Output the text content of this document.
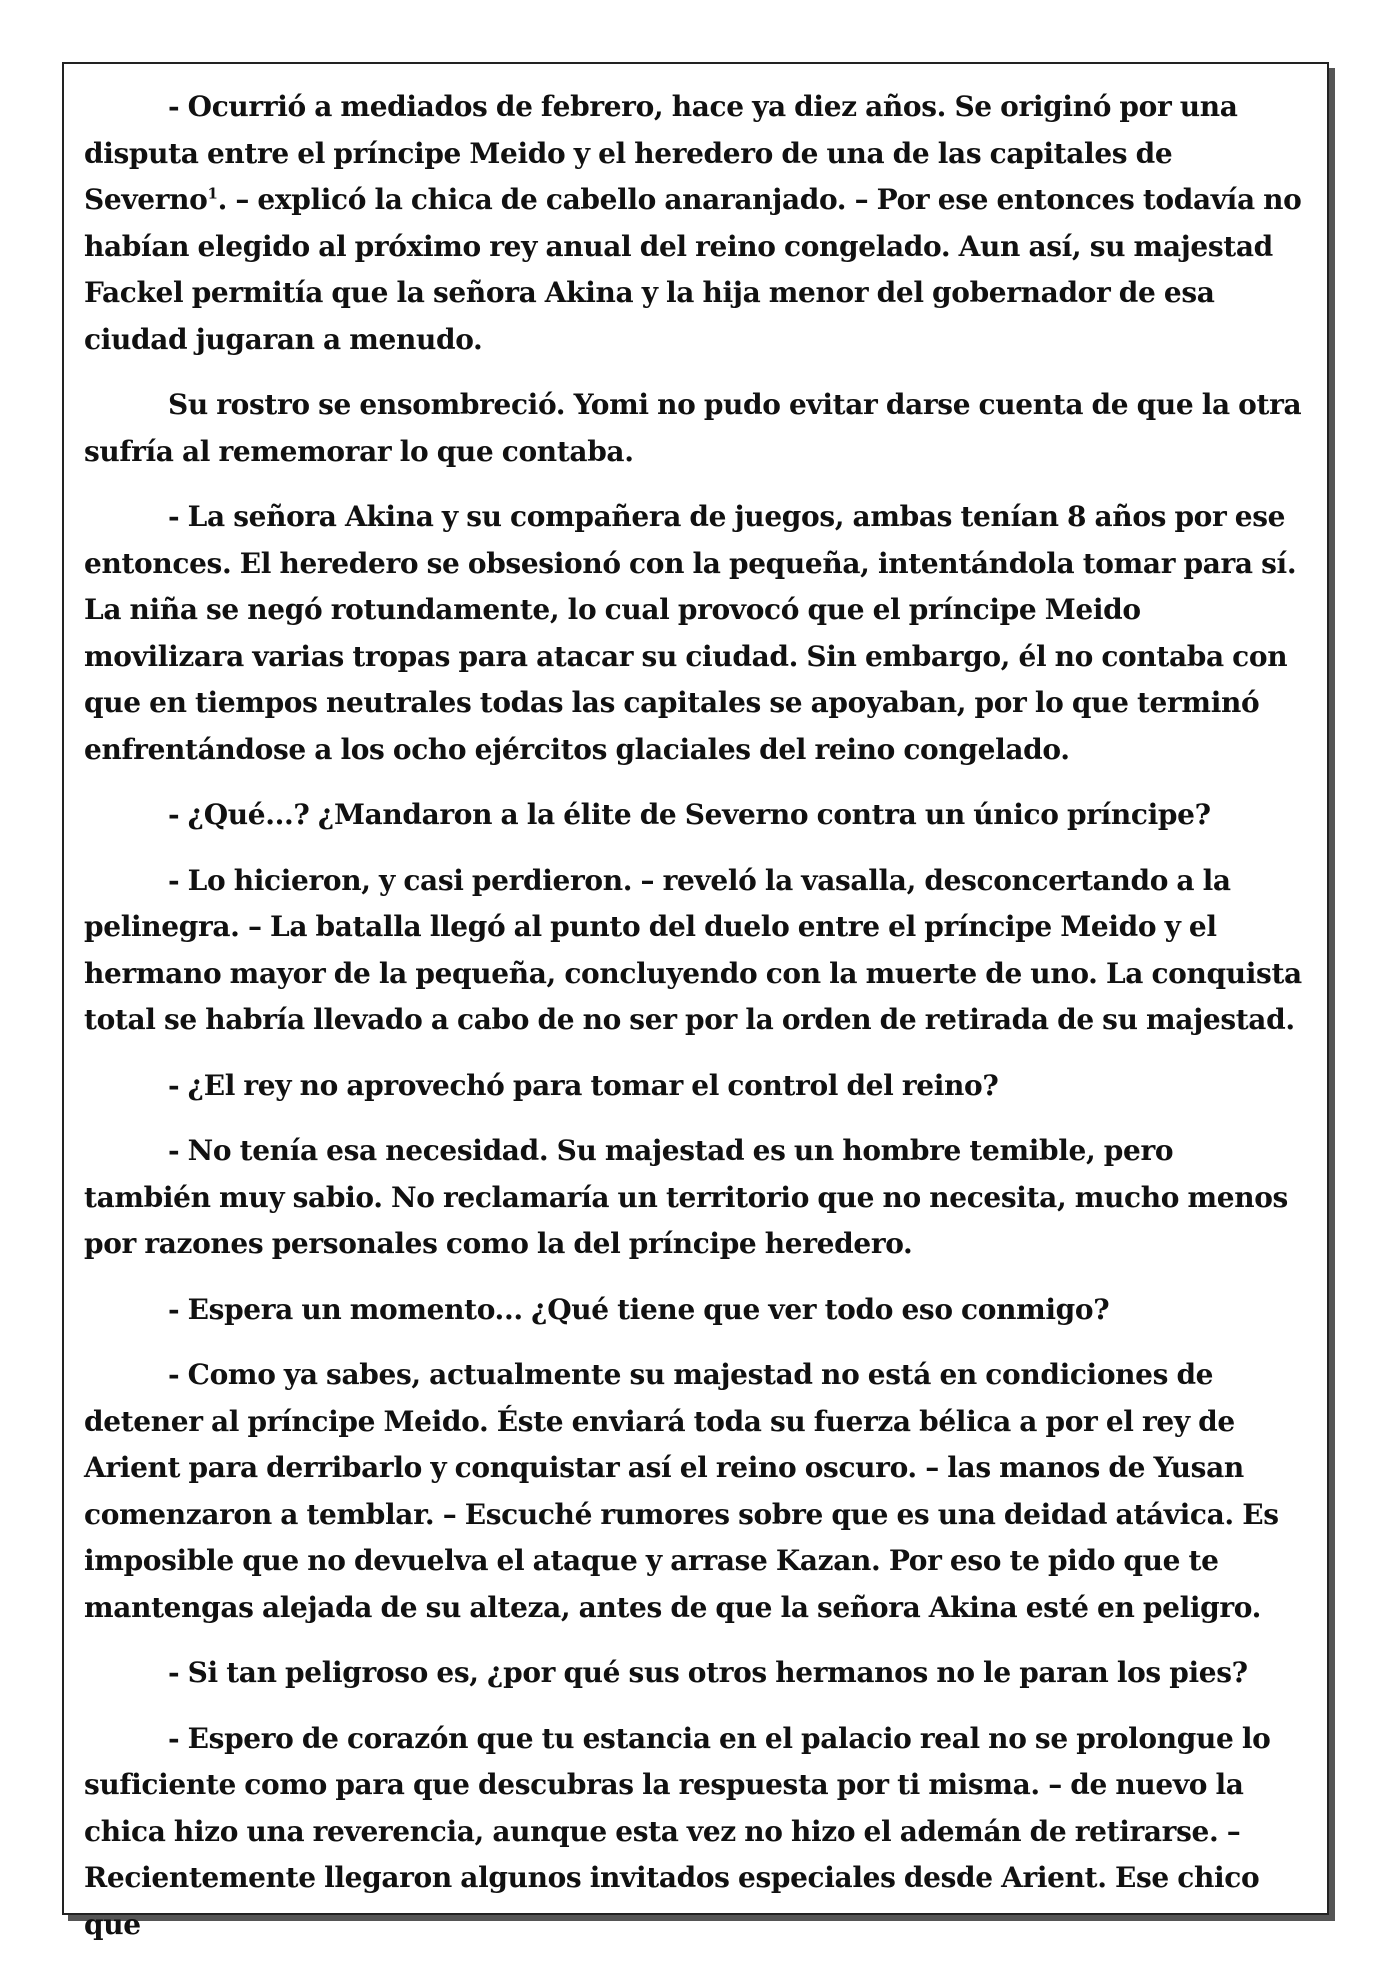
- Ocurrió a mediados de febrero, hace ya diez años. Se originó por una disputa entre el príncipe Meido y el heredero de una de las capitales de Severno$^1$. – explicó la chica de cabello anaranjado. – Por ese entonces todavía no habían elegido al próximo rey anual del reino congelado. Aun así, su majestad Fackel permitía que la señora Akina y la hija menor del gobernador de esa ciudad jugaran a menudo.

Su rostro se ensombreció. Yomi no pudo evitar darse cuenta de que la otra sufría al rememorar lo que contaba.

- La señora Akina y su compañera de juegos, ambas tenían 8 años por ese entonces. El heredero se obsesionó con la pequeña, intentándola tomar para sí. La niña se negó rotundamente, lo cual provocó que el príncipe Meido movilizara varias tropas para atacar su ciudad. Sin embargo, él no contaba con que en tiempos neutrales todas las capitales se apoyaban, por lo que terminó enfrentándose a los ocho ejércitos glaciales del reino congelado.

- ¿Qué...? ¿Mandaron a la élite de Severno contra un único príncipe?

- Lo hicieron, y casi perdieron. – reveló la vasalla, desconcertando a la pelinegra. – La batalla llegó al punto del duelo entre el príncipe Meido y el hermano mayor de la pequeña, concluyendo con la muerte de uno. La conquista total se habría llevado a cabo de no ser por la orden de retirada de su majestad.

- ¿El rey no aprovechó para tomar el control del reino?

- No tenía esa necesidad. Su majestad es un hombre temible, pero también muy sabio. No reclamaría un territorio que no necesita, mucho menos por razones personales como la del príncipe heredero.

- Espera un momento... ¿Qué tiene que ver todo eso conmigo?

- Como ya sabes, actualmente su majestad no está en condiciones de detener al príncipe Meido. Éste enviará toda su fuerza bélica a por el rey de Arient para derribarlo y conquistar así el reino oscuro. – las manos de Yusan comenzaron a temblar. – Escuché rumores sobre que es una deidad atávica. Es imposible que no devuelva el ataque y arrase Kazan. Por eso te pido que te mantengas alejada de su alteza, antes de que la señora Akina esté en peligro.

- Si tan peligroso es, ¿por qué sus otros hermanos no le paran los pies?

- Espero de corazón que tu estancia en el palacio real no se prolongue lo suficiente como para que descubras la respuesta por ti misma. – de nuevo la chica hizo una reverencia, aunque esta vez no hizo el ademán de retirarse. – Recientemente llegaron algunos invitados especiales desde Arient. Ese chico que
